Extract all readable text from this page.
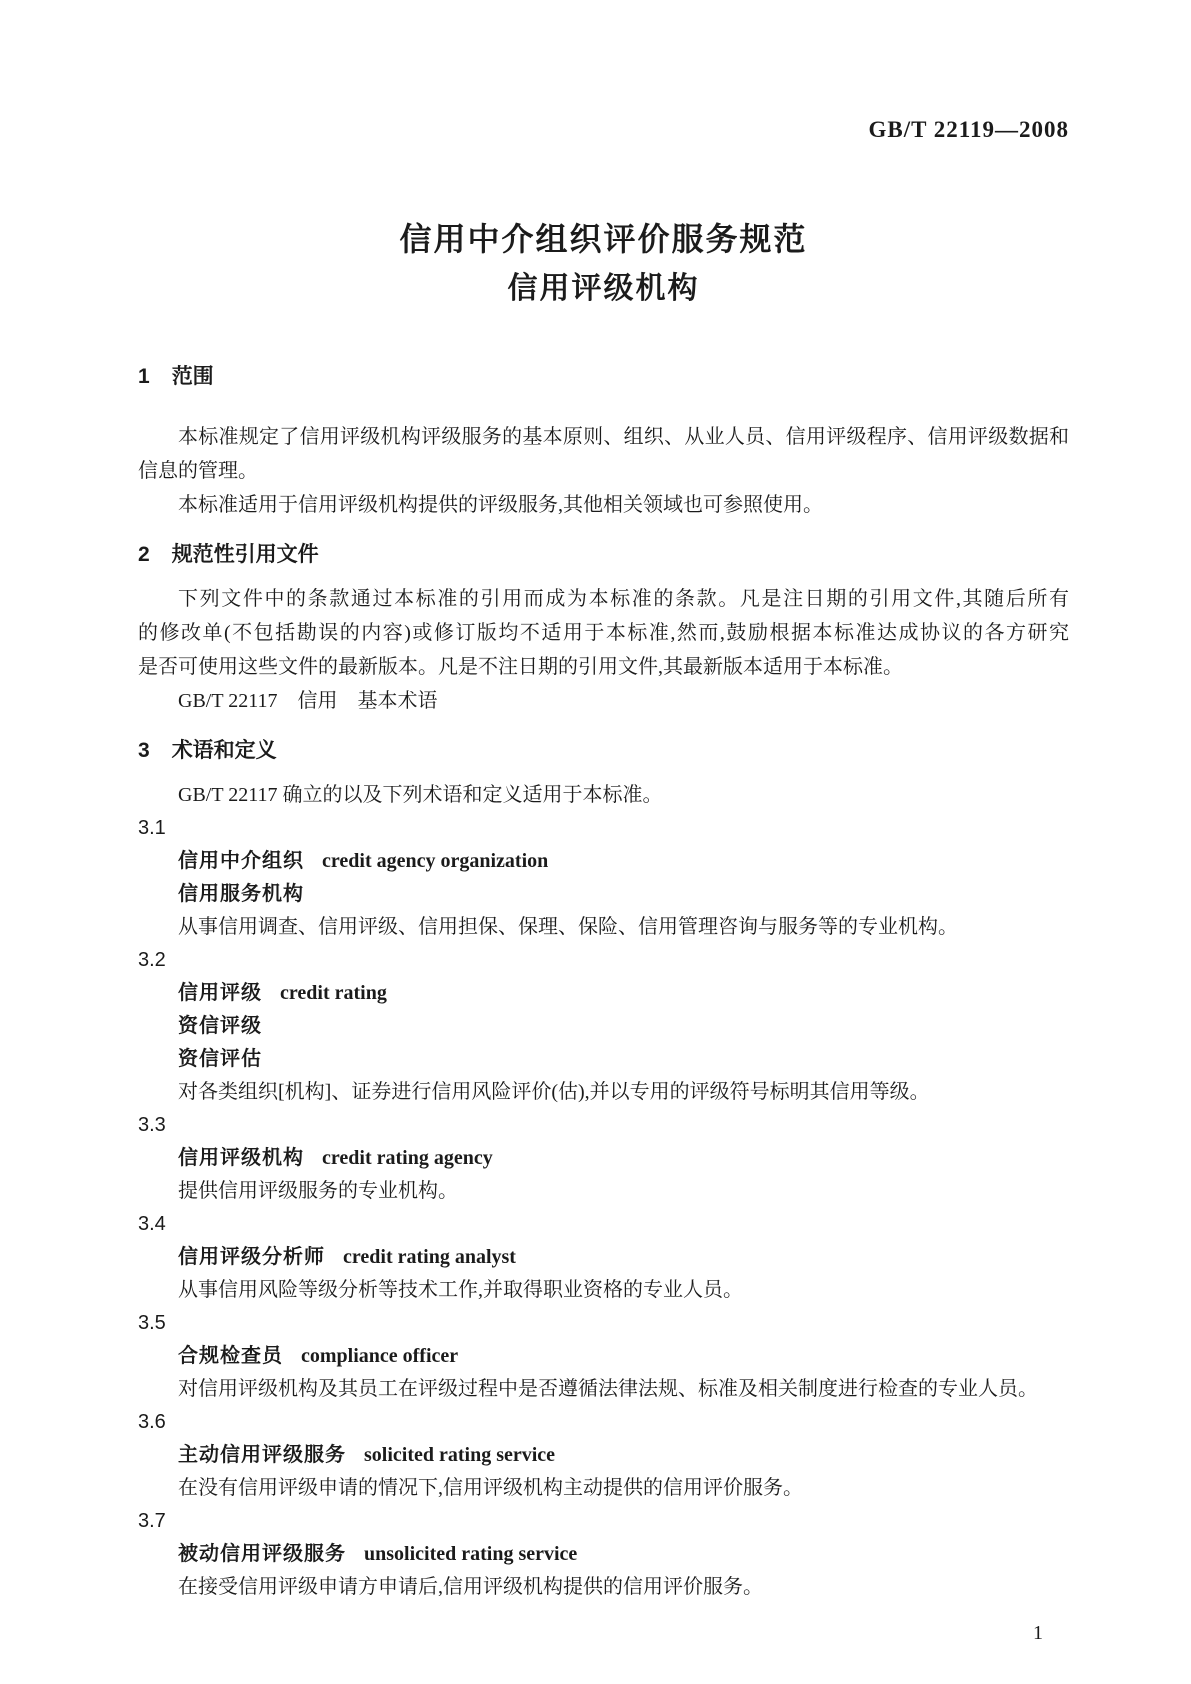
GB/T 22119—2008
信用中介组织评价服务规范
信用评级机构
1 范围
本标准规定了信用评级机构评级服务的基本原则、组织、从业人员、信用评级程序、信用评级数据和
信息的管理。
本标准适用于信用评级机构提供的评级服务,其他相关领域也可参照使用。
2 规范性引用文件
下列文件中的条款通过本标准的引用而成为本标准的条款。凡是注日期的引用文件,其随后所有
的修改单(不包括勘误的内容)或修订版均不适用于本标准,然而,鼓励根据本标准达成协议的各方研究
是否可使用这些文件的最新版本。凡是不注日期的引用文件,其最新版本适用于本标准。
GB/T 22117　信用　基本术语
3 术语和定义
GB/T 22117 确立的以及下列术语和定义适用于本标准。
3.1
信用中介组织 credit agency organization
信用服务机构
从事信用调查、信用评级、信用担保、保理、保险、信用管理咨询与服务等的专业机构。
3.2
信用评级 credit rating
资信评级
资信评估
对各类组织[机构]、证券进行信用风险评价(估),并以专用的评级符号标明其信用等级。
3.3
信用评级机构 credit rating agency
提供信用评级服务的专业机构。
3.4
信用评级分析师 credit rating analyst
从事信用风险等级分析等技术工作,并取得职业资格的专业人员。
3.5
合规检查员 compliance officer
对信用评级机构及其员工在评级过程中是否遵循法律法规、标准及相关制度进行检查的专业人员。
3.6
主动信用评级服务 solicited rating service
在没有信用评级申请的情况下,信用评级机构主动提供的信用评价服务。
3.7
被动信用评级服务 unsolicited rating service
在接受信用评级申请方申请后,信用评级机构提供的信用评价服务。
1
